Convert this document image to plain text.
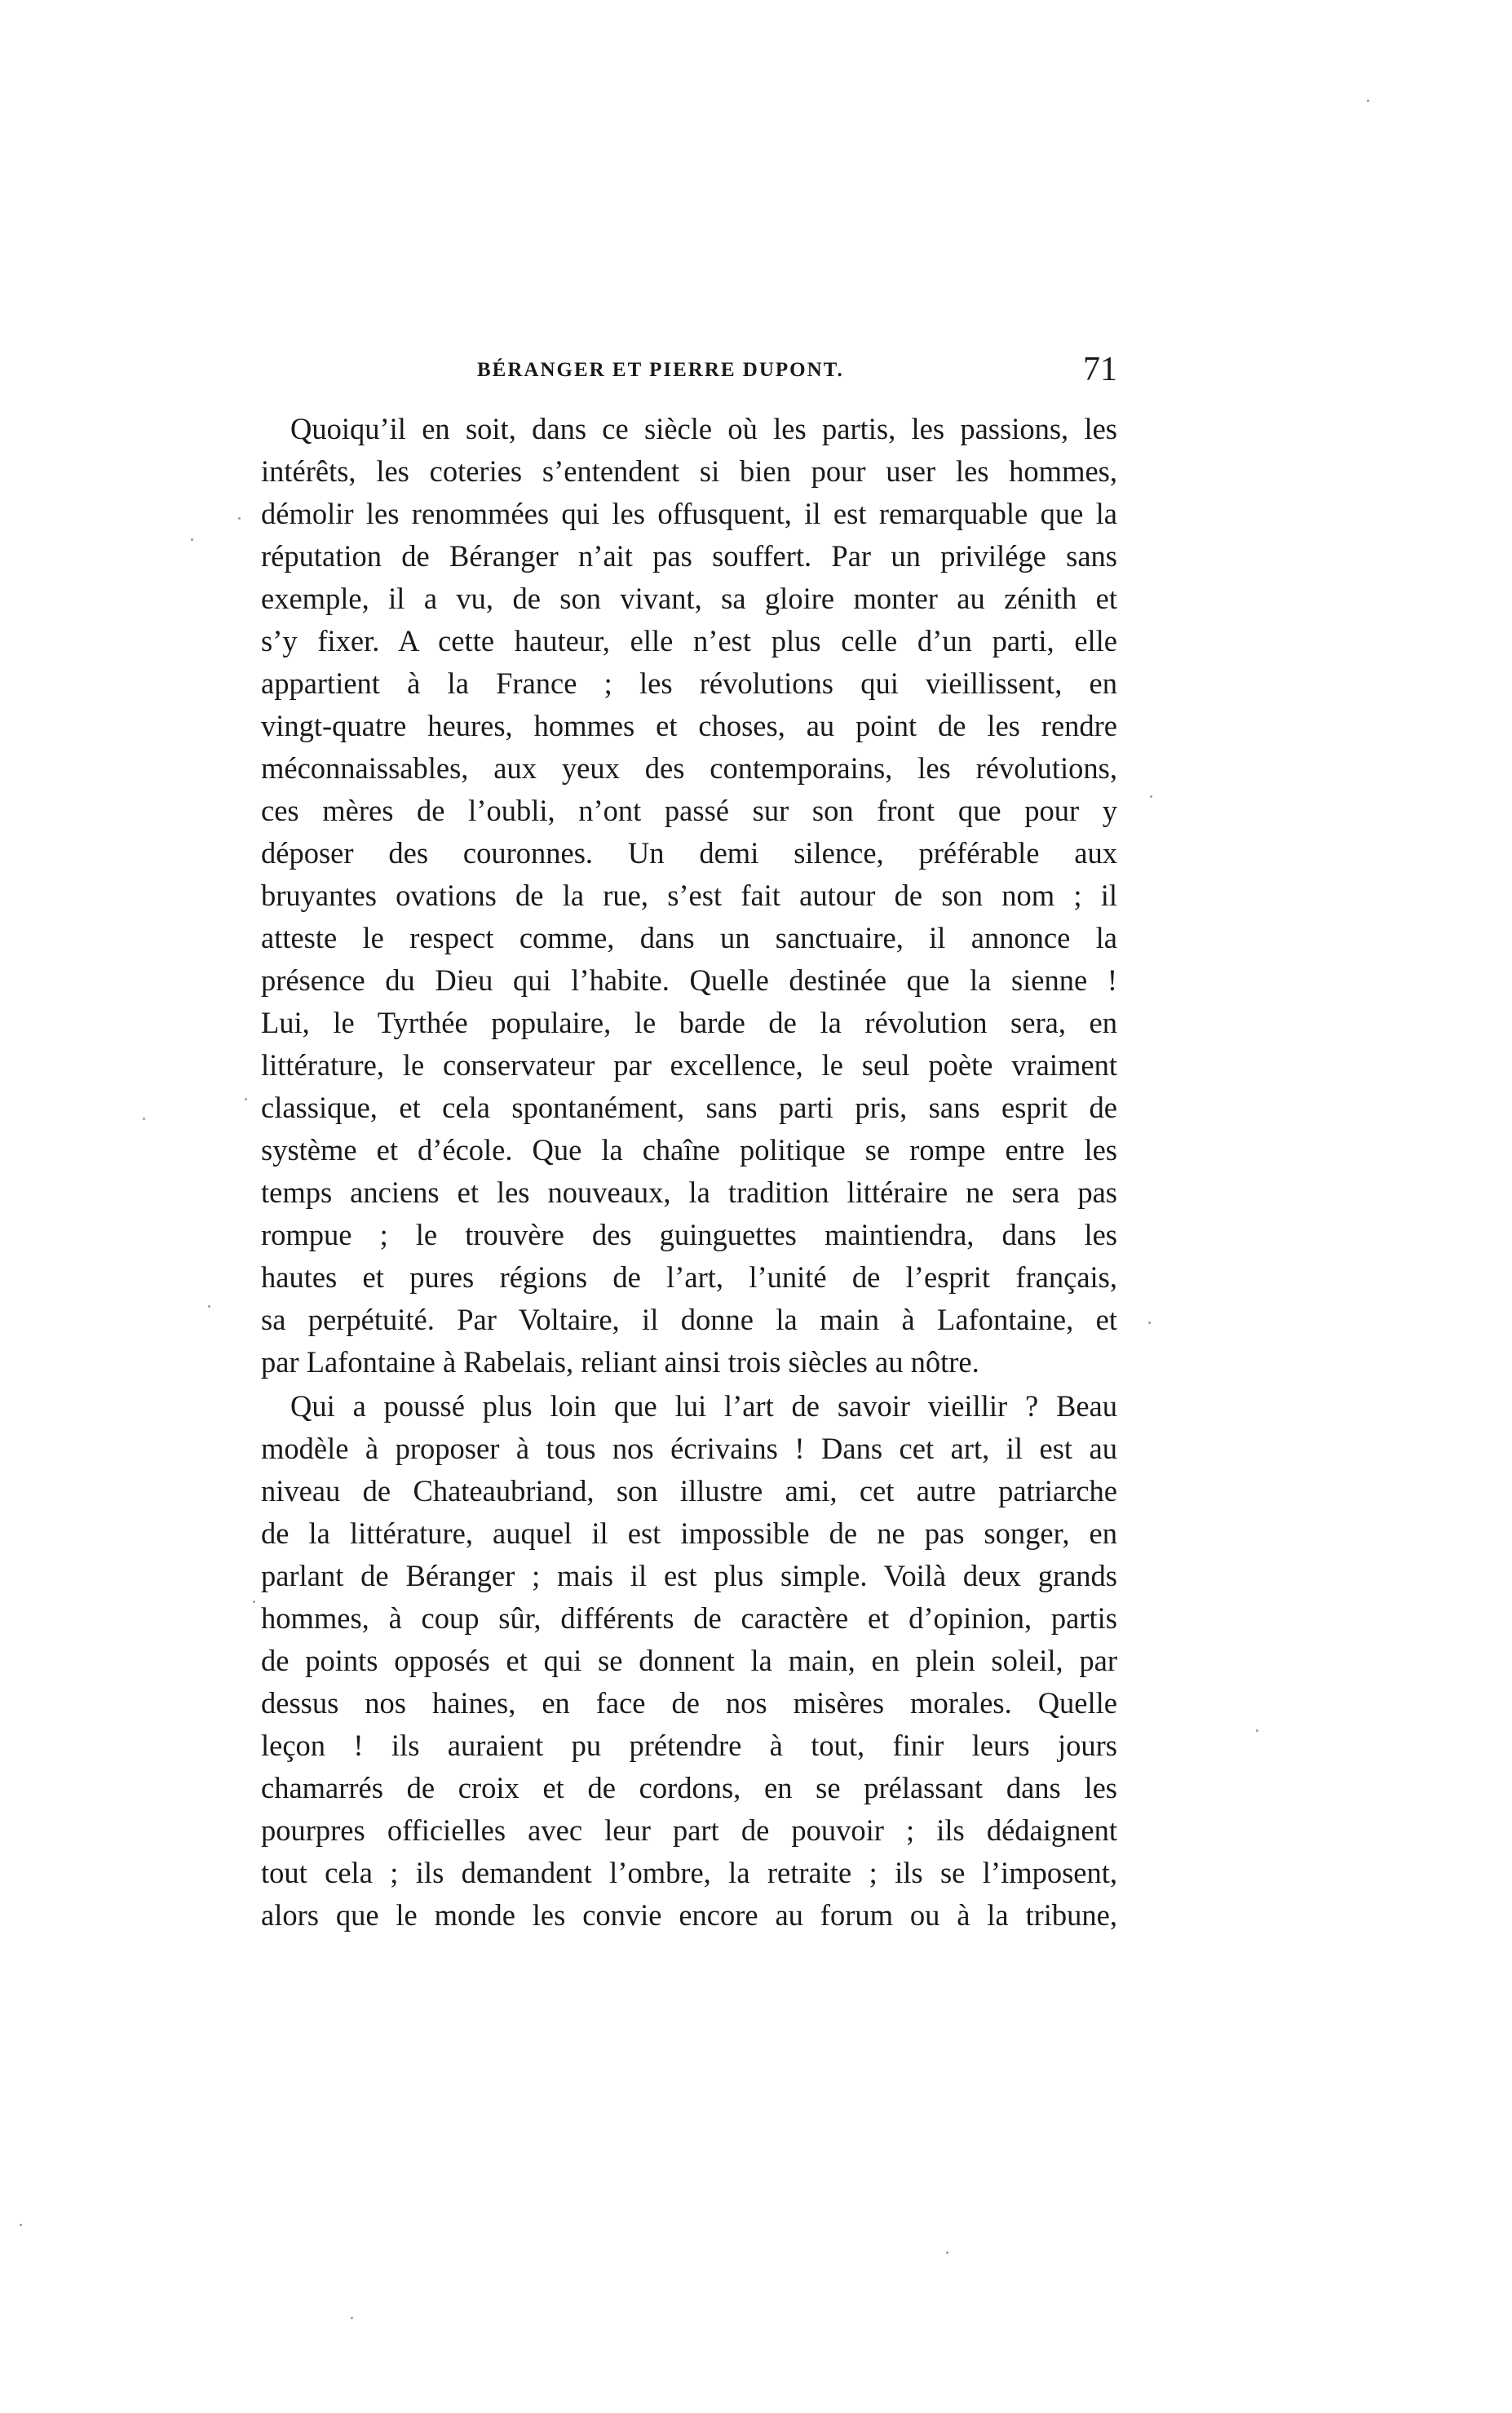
BÉRANGER ET PIERRE DUPONT.	71
Quoiqu’il en soit, dans ce siècle où les partis, les passions, les
intérêts, les coteries s’entendent si bien pour user les hommes,
démolir les renommées qui les offusquent, il est remarquable que la
réputation de Béranger n’ait pas souffert. Par un privilége sans
exemple, il a vu, de son vivant, sa gloire monter au zénith et
s’y fixer. A cette hauteur, elle n’est plus celle d’un parti, elle
appartient à la France ; les révolutions qui vieillissent, en
vingt-quatre heures, hommes et choses, au point de les rendre
méconnaissables, aux yeux des contemporains, les révolutions,
ces mères de l’oubli, n’ont passé sur son front que pour y
déposer des couronnes. Un demi silence, préférable aux
bruyantes ovations de la rue, s’est fait autour de son nom ; il
atteste le respect comme, dans un sanctuaire, il annonce la
présence du Dieu qui l’habite. Quelle destinée que la sienne !
Lui, le Tyrthée populaire, le barde de la révolution sera, en
littérature, le conservateur par excellence, le seul poète vraiment
classique, et cela spontanément, sans parti pris, sans esprit de
système et d’école. Que la chaîne politique se rompe entre les
temps anciens et les nouveaux, la tradition littéraire ne sera pas
rompue ; le trouvère des guinguettes maintiendra, dans les
hautes et pures régions de l’art, l’unité de l’esprit français,
sa perpétuité. Par Voltaire, il donne la main à Lafontaine, et
par Lafontaine à Rabelais, reliant ainsi trois siècles au nôtre.
Qui a poussé plus loin que lui l’art de savoir vieillir ? Beau
modèle à proposer à tous nos écrivains ! Dans cet art, il est au
niveau de Chateaubriand, son illustre ami, cet autre patriarche
de la littérature, auquel il est impossible de ne pas songer, en
parlant de Béranger ; mais il est plus simple. Voilà deux grands
hommes, à coup sûr, différents de caractère et d’opinion, partis
de points opposés et qui se donnent la main, en plein soleil, par
dessus nos haines, en face de nos misères morales. Quelle
leçon ! ils auraient pu prétendre à tout, finir leurs jours
chamarrés de croix et de cordons, en se prélassant dans les
pourpres officielles avec leur part de pouvoir ; ils dédaignent
tout cela ; ils demandent l’ombre, la retraite ; ils se l’imposent,
alors que le monde les convie encore au forum ou à la tribune,
